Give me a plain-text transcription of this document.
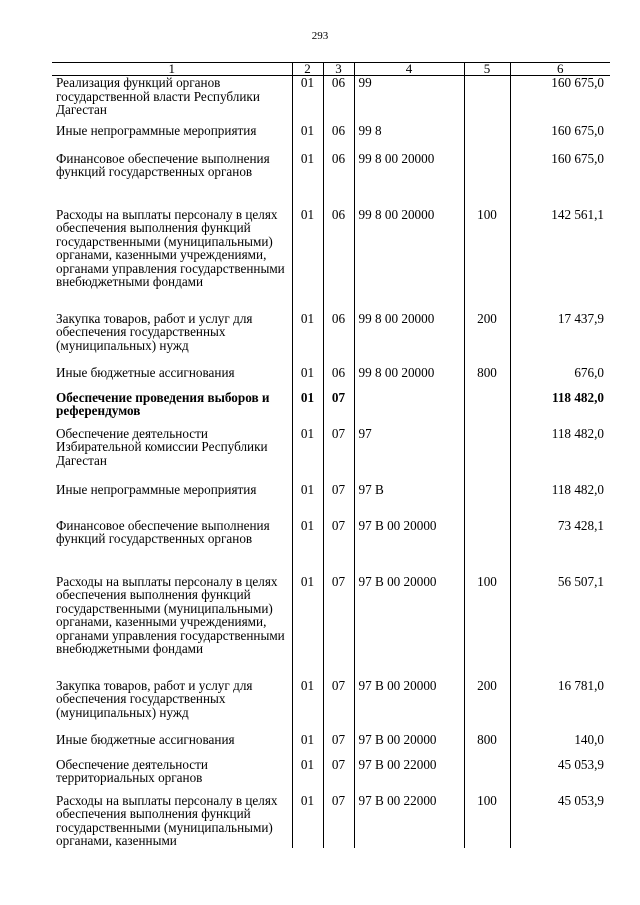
293
1	2	3	4	5	6
Реализация функций органов государственной власти Республики Дагестан	01	06	99		160 675,0
Иные непрограммные мероприятия	01	06	99 8		160 675,0
Финансовое обеспечение выполнения функций государственных органов	01	06	99 8 00 20000		160 675,0
Расходы на выплаты персоналу в целях обеспечения выполнения функций государственными (муниципальными) органами, казенными учреждениями, органами управления государственными внебюджетными фондами	01	06	99 8 00 20000	100	142 561,1
Закупка товаров, работ и услуг для обеспечения государственных (муниципальных) нужд	01	06	99 8 00 20000	200	17 437,9
Иные бюджетные ассигнования	01	06	99 8 00 20000	800	676,0
Обеспечение проведения выборов и референдумов	01	07			118 482,0
Обеспечение деятельности Избирательной комиссии Республики Дагестан	01	07	97		118 482,0
Иные непрограммные мероприятия	01	07	97 В		118 482,0
Финансовое обеспечение выполнения функций государственных органов	01	07	97 В 00 20000		73 428,1
Расходы на выплаты персоналу в целях обеспечения выполнения функций государственными (муниципальными) органами, казенными учреждениями, органами управления государственными внебюджетными фондами	01	07	97 В 00 20000	100	56 507,1
Закупка товаров, работ и услуг для обеспечения государственных (муниципальных) нужд	01	07	97 В 00 20000	200	16 781,0
Иные бюджетные ассигнования	01	07	97 В 00 20000	800	140,0
Обеспечение деятельности территориальных органов	01	07	97 В 00 22000		45 053,9
Расходы на выплаты персоналу в целях обеспечения выполнения функций государственными (муниципальными) органами, казенными	01	07	97 В 00 22000	100	45 053,9
